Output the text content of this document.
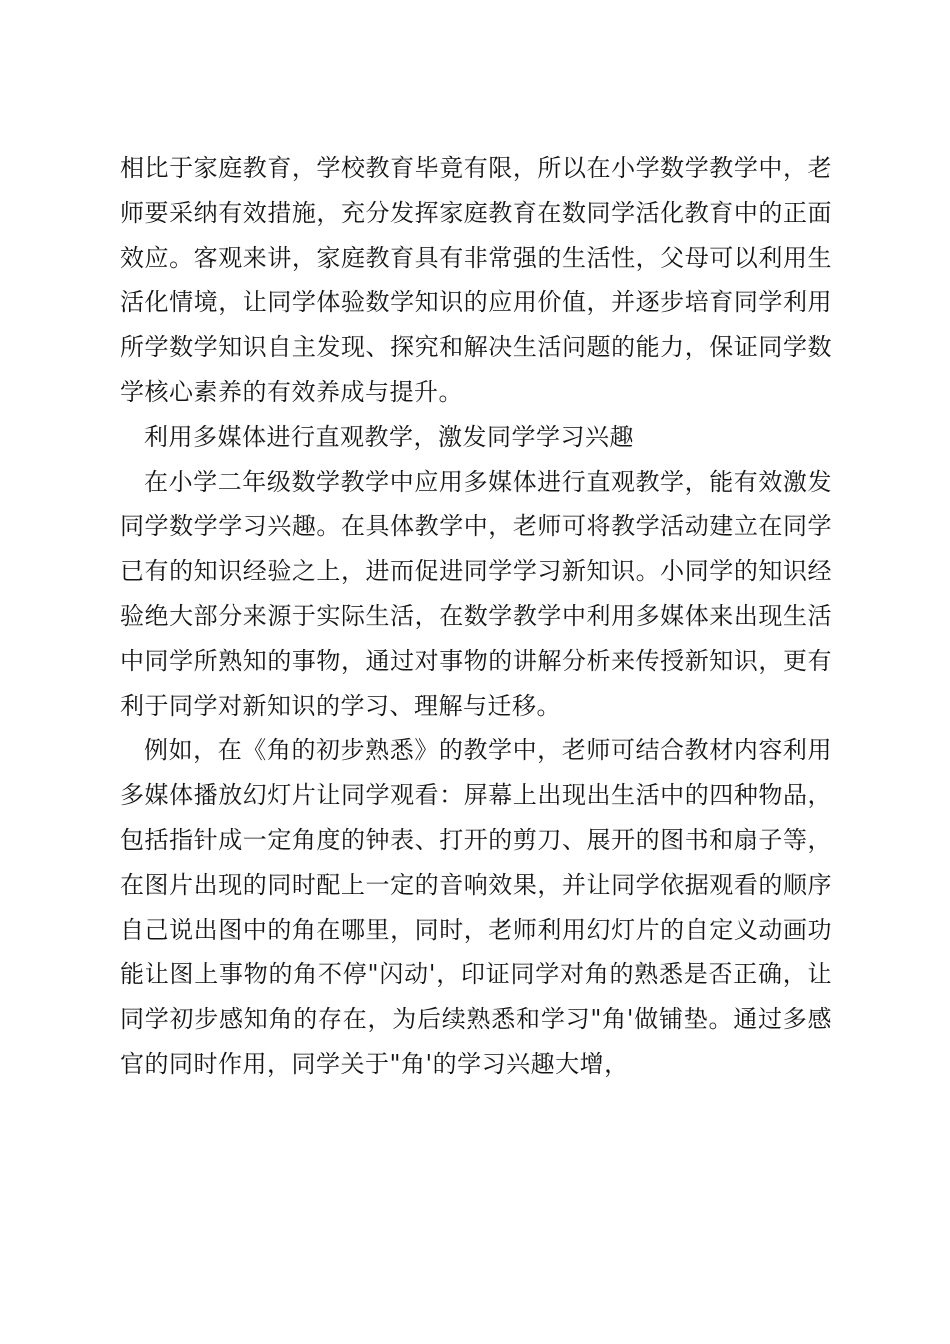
相比于家庭教育，学校教育毕竟有限，所以在小学数学教学中，老师要采纳有效措施，充分发挥家庭教育在数同学活化教育中的正面效应。客观来讲，家庭教育具有非常强的生活性，父母可以利用生活化情境，让同学体验数学知识的应用价值，并逐步培育同学利用所学数学知识自主发现、探究和解决生活问题的能力，保证同学数学核心素养的有效养成与提升。

利用多媒体进行直观教学，激发同学学习兴趣

在小学二年级数学教学中应用多媒体进行直观教学，能有效激发同学数学学习兴趣。在具体教学中，老师可将教学活动建立在同学已有的知识经验之上，进而促进同学学习新知识。小同学的知识经验绝大部分来源于实际生活，在数学教学中利用多媒体来出现生活中同学所熟知的事物，通过对事物的讲解分析来传授新知识，更有利于同学对新知识的学习、理解与迁移。

例如，在《角的初步熟悉》的教学中，老师可结合教材内容利用多媒体播放幻灯片让同学观看：屏幕上出现出生活中的四种物品，包括指针成一定角度的钟表、打开的剪刀、展开的图书和扇子等，在图片出现的同时配上一定的音响效果，并让同学依据观看的顺序自己说出图中的角在哪里，同时，老师利用幻灯片的自定义动画功能让图上事物的角不停"闪动'，印证同学对角的熟悉是否正确，让同学初步感知角的存在，为后续熟悉和学习"角'做铺垫。通过多感官的同时作用，同学关于"角'的学习兴趣大增，
